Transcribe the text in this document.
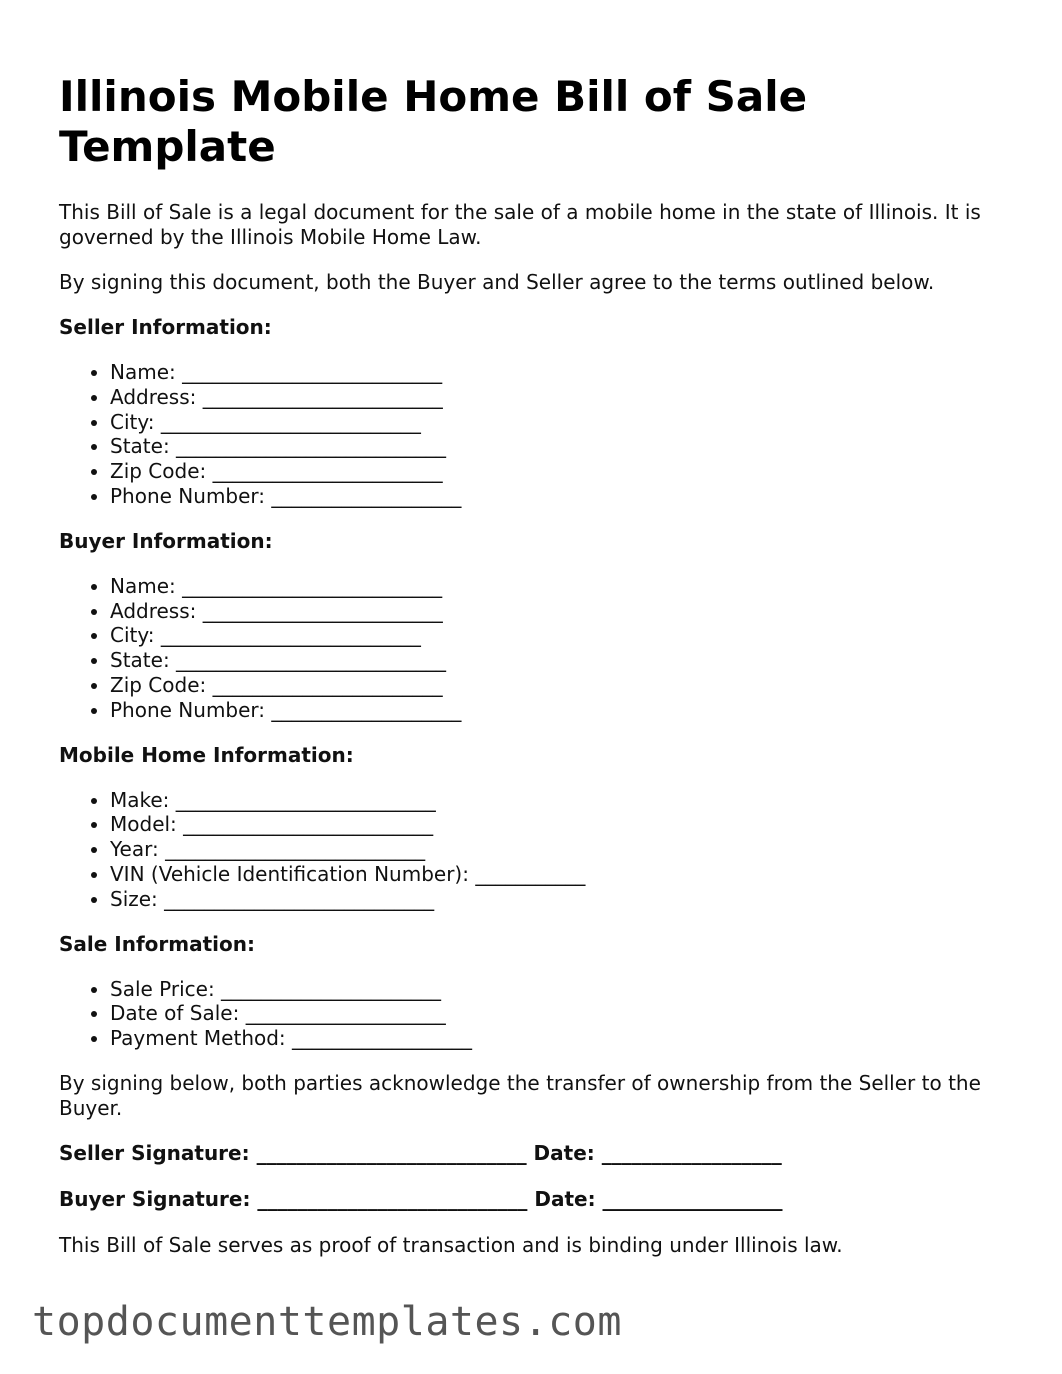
Illinois Mobile Home Bill of Sale Template

This Bill of Sale is a legal document for the sale of a mobile home in the state of Illinois. It is governed by the Illinois Mobile Home Law.

By signing this document, both the Buyer and Seller agree to the terms outlined below.

Seller Information:
• Name: __________________________
• Address: ________________________
• City: __________________________
• State: ___________________________
• Zip Code: _______________________
• Phone Number: ___________________
Buyer Information:
• Name: __________________________
• Address: ________________________
• City: __________________________
• State: ___________________________
• Zip Code: _______________________
• Phone Number: ___________________
Mobile Home Information:
• Make: __________________________
• Model: _________________________
• Year: __________________________
• VIN (Vehicle Identification Number): ___________
• Size: ___________________________
Sale Information:
• Sale Price: ______________________
• Date of Sale: ____________________
• Payment Method: __________________

By signing below, both parties acknowledge the transfer of ownership from the Seller to the Buyer.

Seller Signature: ___________________________ Date: __________________
Buyer Signature: ___________________________ Date: __________________

This Bill of Sale serves as proof of transaction and is binding under Illinois law.

topdocumenttemplates.com
